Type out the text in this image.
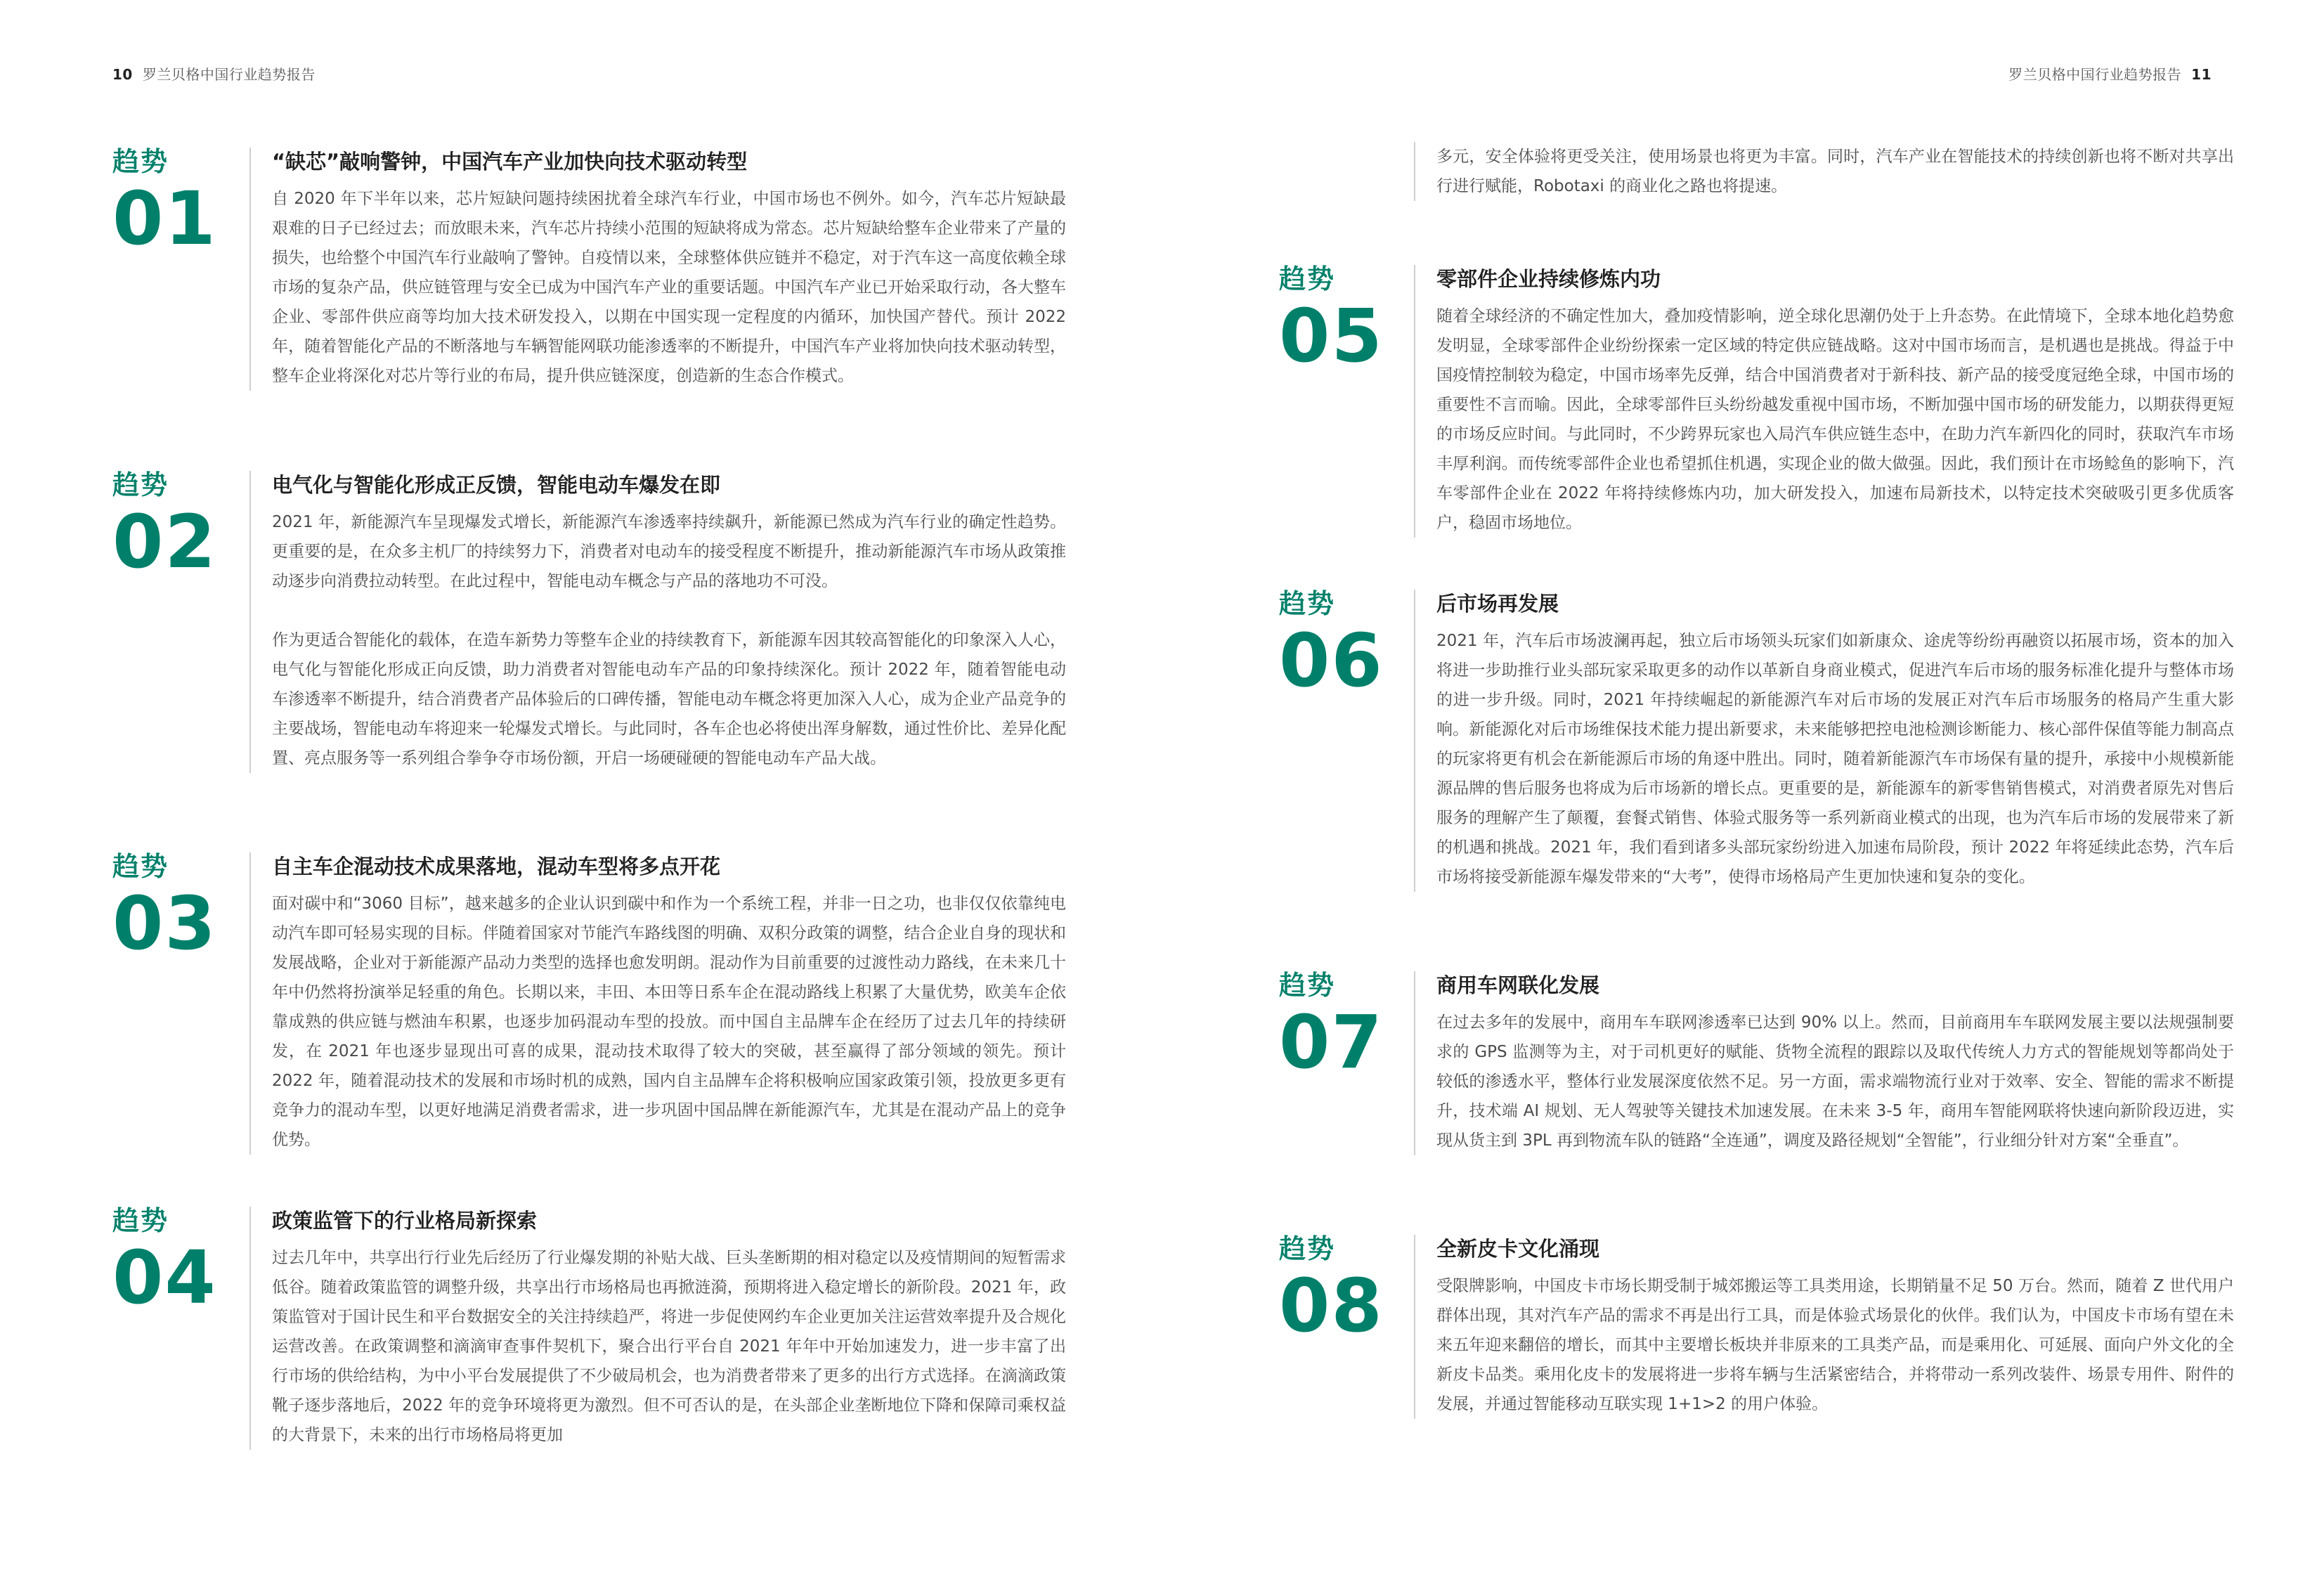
10 罗兰贝格中国行业趋势报告	罗兰贝格中国行业趋势报告 11
趋势
01
“缺芯”敲响警钟，中国汽车产业加快向技术驱动转型

自 2020 年下半年以来，芯片短缺问题持续困扰着全球汽车行业，中国市场也不例外。如今，汽车芯片短缺最艰难的日子已经过去；而放眼未来，汽车芯片持续小范围的短缺将成为常态。芯片短缺给整车企业带来了产量的损失，也给整个中国汽车行业敲响了警钟。自疫情以来，全球整体供应链并不稳定，对于汽车这一高度依赖全球市场的复杂产品，供应链管理与安全已成为中国汽车产业的重要话题。中国汽车产业已开始采取行动，各大整车企业、零部件供应商等均加大技术研发投入，以期在中国实现一定程度的内循环，加快国产替代。预计 2022 年，随着智能化产品的不断落地与车辆智能网联功能渗透率的不断提升，中国汽车产业将加快向技术驱动转型，整车企业将深化对芯片等行业的布局，提升供应链深度，创造新的生态合作模式。

趋势
02
电气化与智能化形成正反馈，智能电动车爆发在即

2021 年，新能源汽车呈现爆发式增长，新能源汽车渗透率持续飙升，新能源已然成为汽车行业的确定性趋势。更重要的是，在众多主机厂的持续努力下，消费者对电动车的接受程度不断提升，推动新能源汽车市场从政策推动逐步向消费拉动转型。在此过程中，智能电动车概念与产品的落地功不可没。

作为更适合智能化的载体，在造车新势力等整车企业的持续教育下，新能源车因其较高智能化的印象深入人心，电气化与智能化形成正向反馈，助力消费者对智能电动车产品的印象持续深化。预计 2022 年，随着智能电动车渗透率不断提升，结合消费者产品体验后的口碑传播，智能电动车概念将更加深入人心，成为企业产品竞争的主要战场，智能电动车将迎来一轮爆发式增长。与此同时，各车企也必将使出浑身解数，通过性价比、差异化配置、亮点服务等一系列组合拳争夺市场份额，开启一场硬碰硬的智能电动车产品大战。

趋势
03
自主车企混动技术成果落地，混动车型将多点开花

面对碳中和“3060 目标”，越来越多的企业认识到碳中和作为一个系统工程，并非一日之功，也非仅仅依靠纯电动汽车即可轻易实现的目标。伴随着国家对节能汽车路线图的明确、双积分政策的调整，结合企业自身的现状和发展战略，企业对于新能源产品动力类型的选择也愈发明朗。混动作为目前重要的过渡性动力路线，在未来几十年中仍然将扮演举足轻重的角色。长期以来，丰田、本田等日系车企在混动路线上积累了大量优势，欧美车企依靠成熟的供应链与燃油车积累，也逐步加码混动车型的投放。而中国自主品牌车企在经历了过去几年的持续研发，在 2021 年也逐步显现出可喜的成果，混动技术取得了较大的突破，甚至赢得了部分领域的领先。预计 2022 年，随着混动技术的发展和市场时机的成熟，国内自主品牌车企将积极响应国家政策引领，投放更多更有竞争力的混动车型，以更好地满足消费者需求，进一步巩固中国品牌在新能源汽车，尤其是在混动产品上的竞争优势。

趋势
04
政策监管下的行业格局新探索

过去几年中，共享出行行业先后经历了行业爆发期的补贴大战、巨头垄断期的相对稳定以及疫情期间的短暂需求低谷。随着政策监管的调整升级，共享出行市场格局也再掀涟漪，预期将进入稳定增长的新阶段。2021 年，政策监管对于国计民生和平台数据安全的关注持续趋严，将进一步促使网约车企业更加关注运营效率提升及合规化运营改善。在政策调整和滴滴审查事件契机下，聚合出行平台自 2021 年年中开始加速发力，进一步丰富了出行市场的供给结构，为中小平台发展提供了不少破局机会，也为消费者带来了更多的出行方式选择。在滴滴政策靴子逐步落地后，2022 年的竞争环境将更为激烈。但不可否认的是，在头部企业垄断地位下降和保障司乘权益的大背景下，未来的出行市场格局将更加

多元，安全体验将更受关注，使用场景也将更为丰富。同时，汽车产业在智能技术的持续创新也将不断对共享出行进行赋能，Robotaxi 的商业化之路也将提速。

趋势
05
零部件企业持续修炼内功

随着全球经济的不确定性加大，叠加疫情影响，逆全球化思潮仍处于上升态势。在此情境下，全球本地化趋势愈发明显，全球零部件企业纷纷探索一定区域的特定供应链战略。这对中国市场而言，是机遇也是挑战。得益于中国疫情控制较为稳定，中国市场率先反弹，结合中国消费者对于新科技、新产品的接受度冠绝全球，中国市场的重要性不言而喻。因此，全球零部件巨头纷纷越发重视中国市场，不断加强中国市场的研发能力，以期获得更短的市场反应时间。与此同时，不少跨界玩家也入局汽车供应链生态中，在助力汽车新四化的同时，获取汽车市场丰厚利润。而传统零部件企业也希望抓住机遇，实现企业的做大做强。因此，我们预计在市场鲶鱼的影响下，汽车零部件企业在 2022 年将持续修炼内功，加大研发投入，加速布局新技术，以特定技术突破吸引更多优质客户，稳固市场地位。

趋势
06
后市场再发展

2021 年，汽车后市场波澜再起，独立后市场领头玩家们如新康众、途虎等纷纷再融资以拓展市场，资本的加入将进一步助推行业头部玩家采取更多的动作以革新自身商业模式，促进汽车后市场的服务标准化提升与整体市场的进一步升级。同时，2021 年持续崛起的新能源汽车对后市场的发展正对汽车后市场服务的格局产生重大影响。新能源化对后市场维保技术能力提出新要求，未来能够把控电池检测诊断能力、核心部件保值等能力制高点的玩家将更有机会在新能源后市场的角逐中胜出。同时，随着新能源汽车市场保有量的提升，承接中小规模新能源品牌的售后服务也将成为后市场新的增长点。更重要的是，新能源车的新零售销售模式，对消费者原先对售后服务的理解产生了颠覆，套餐式销售、体验式服务等一系列新商业模式的出现，也为汽车后市场的发展带来了新的机遇和挑战。2021 年，我们看到诸多头部玩家纷纷进入加速布局阶段，预计 2022 年将延续此态势，汽车后市场将接受新能源车爆发带来的“大考”，使得市场格局产生更加快速和复杂的变化。

趋势
07
商用车网联化发展

在过去多年的发展中，商用车车联网渗透率已达到 90% 以上。然而，目前商用车车联网发展主要以法规强制要求的 GPS 监测等为主，对于司机更好的赋能、货物全流程的跟踪以及取代传统人力方式的智能规划等都尚处于较低的渗透水平，整体行业发展深度依然不足。另一方面，需求端物流行业对于效率、安全、智能的需求不断提升，技术端 AI 规划、无人驾驶等关键技术加速发展。在未来 3-5 年，商用车智能网联将快速向新阶段迈进，实现从货主到 3PL 再到物流车队的链路“全连通”，调度及路径规划“全智能”，行业细分针对方案“全垂直”。

趋势
08
全新皮卡文化涌现

受限牌影响，中国皮卡市场长期受制于城郊搬运等工具类用途，长期销量不足 50 万台。然而，随着 Z 世代用户群体出现，其对汽车产品的需求不再是出行工具，而是体验式场景化的伙伴。我们认为，中国皮卡市场有望在未来五年迎来翻倍的增长，而其中主要增长板块并非原来的工具类产品，而是乘用化、可延展、面向户外文化的全新皮卡品类。乘用化皮卡的发展将进一步将车辆与生活紧密结合，并将带动一系列改装件、场景专用件、附件的发展，并通过智能移动互联实现 1+1>2 的用户体验。
